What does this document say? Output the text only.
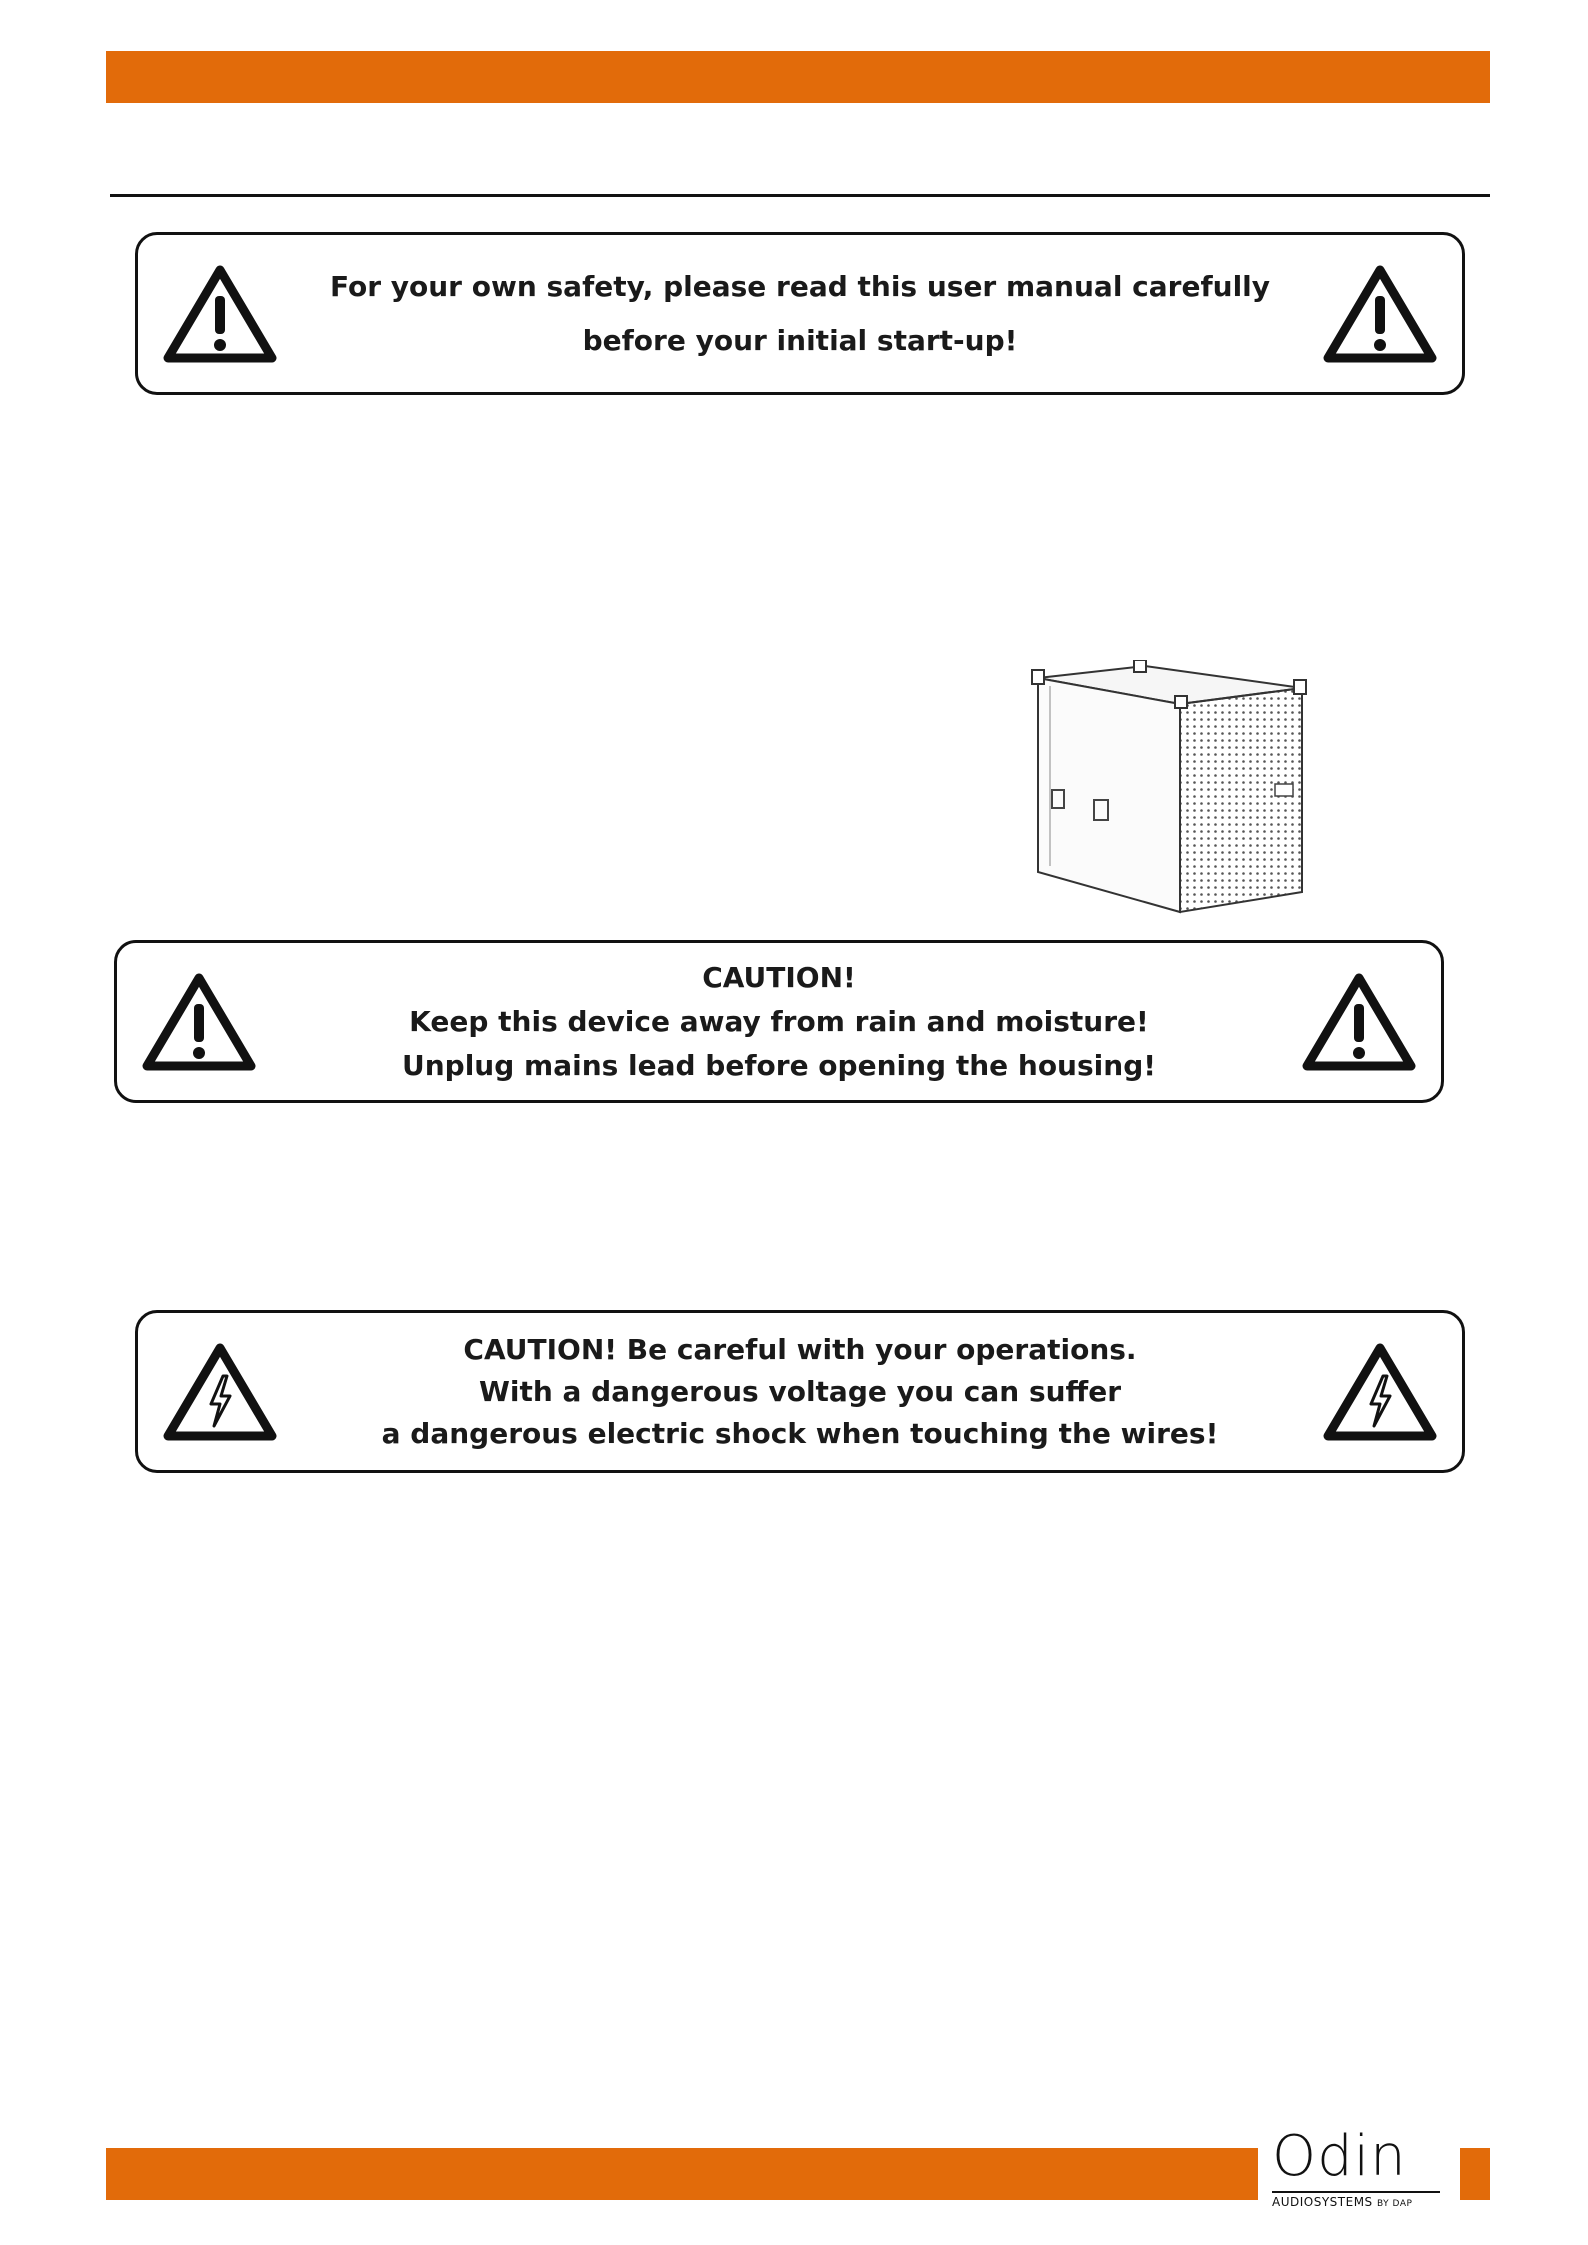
For your own safety, please read this user manual carefully
before your initial start-up!
CAUTION!
Keep this device away from rain and moisture!
Unplug mains lead before opening the housing!
CAUTION! Be careful with your operations.
With a dangerous voltage you can suffer
a dangerous electric shock when touching the wires!
Odin
AUDIOSYSTEMS BY DAP
